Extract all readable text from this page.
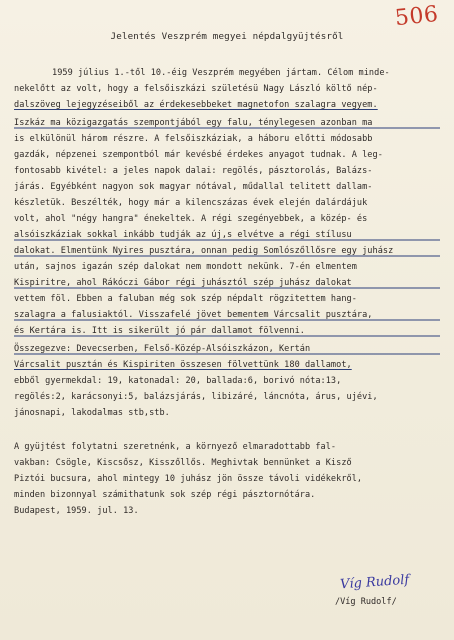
506
Jelentés Veszprém megyei népdalgyüjtésről
1959 július 1.-től 10.-éig Veszprém megyében jártam. Célom minde-
nekelőtt az volt, hogy a felsőiszkázi születésü Nagy László költő nép-
dalszöveg lejegyzéseiből az érdekesebbeket magnetofon szalagra vegyem.
Iszkáz ma közigazgatás szempontjából egy falu, ténylegesen azonban ma
is elkülönül három részre. A felsőiszkáziak, a háboru előtti módosabb
gazdák, népzenei szempontból már kevésbé érdekes anyagot tudnak. A leg-
fontosabb kivétel: a jeles napok dalai: regölés, pásztorolás, Balázs-
járás. Egyébként nagyon sok magyar nótával, műdallal telitett dallam-
készletük. Beszélték, hogy már a kilencszázas évek elején dalárdájuk
volt, ahol "négy hangra" énekeltek. A régi szegényebbek, a közép- és
alsóiszkáziak sokkal inkább tudják az új,s elvétve a régi stílusu
dalokat. Elmentünk Nyires pusztára, onnan pedig Somlószőllősre egy juhász
után, sajnos igazán szép dalokat nem mondott nekünk. 7-én elmentem
Kispiritre, ahol Rákóczi Gábor régi juhásztól szép juhász dalokat
vettem föl. Ebben a faluban még sok szép népdalt rögzitettem hang-
szalagra a falusiaktól. Visszafelé jövet bementem Várcsalit pusztára,
és Kertára is. Itt is sikerült jó pár dallamot fölvenni.
Összegezve: Devecserben, Felső-Közép-Alsóiszkázon, Kertán
Várcsalit pusztán és Kispiriten összesen fölvettünk 180 dallamot,
ebből gyermekdal: 19, katonadal: 20, ballada:6, borivó nóta:13,
regölés:2, karácsonyi:5, balázsjárás, libizáré, láncnóta, árus, ujévi,
jánosnapi, lakodalmas stb,stb.
A gyüjtést folytatni szeretnénk, a környező elmaradottabb fal-
vakban: Csögle, Kiscsősz, Kisszőllős. Meghivtak bennünket a Kisző
Piztói bucsura, ahol mintegy 10 juhász jön össze távoli vidékekről,
minden bizonnyal számithatunk sok szép régi pásztornótára.
Budapest, 1959. jul. 13.
Víg Rudolf
/Víg Rudolf/
